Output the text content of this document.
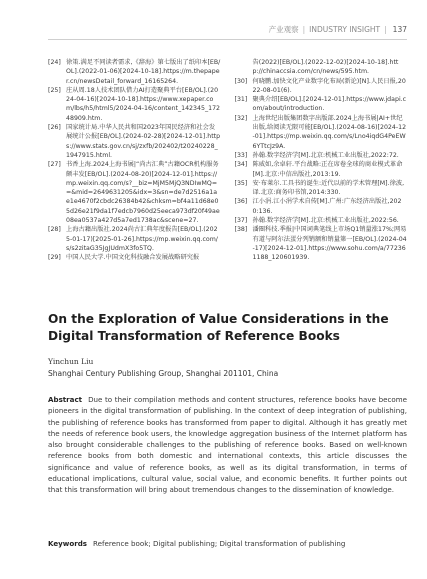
产业观察 | INDUSTRY INSIGHT | 137
[24] 徐策.满足不同读者需求,《辞海》第七版出了纸印本[EB/OL].(2022-01-06)[2024-10-18].https://m.thepaper.cn/newsDetail_forward_16165264.
[25] 庄从周.18人技术团队借力AI打造聚典平台[EB/OL].(2024-04-16)[2024-10-18].https://www.xepaper.com/lbs/h5/html5/2024-04-16/content_142345_17248909.htm.
[26] 国家统计局.中华人民共和国2023年国民经济和社会发展统计公报[EB/OL].(2024-02-28)[2024-12-01].https://www.stats.gov.cn/sj/zxfb/202402/t20240228_1947915.html.
[27] 书香上海.2024上海书展|“尚古汇典”古籍OCR机构服务颇丰发[EB/OL].(2024-08-20)[2024-12-01].https://mp.weixin.qq.com/s?__biz=MjM5MjQ3NDIwMQ==&mid=2649631205&idx=3&sn=de7d2516a1ae1e4670f2cbdc26384b42&chksm=bf4a11d68e05d26e21f9da1f7edcb7960d25eeca973df20f49ae08ea0537a427d5a7ed1738ac&scene=27.
[28] 上海古籍出版社.2024尚古汇典年度报告[EB/OL].(2025-01-17)[2025-01-26].https://mp.weixin.qq.com/s/s2zitaG35JgJUdmX3fo5TQ.
[29] 中国人民大学.中国文化科技融合发展战略研究报
告(2022)[EB/OL].(2022-12-02)[2024-10-18].http://chinaccsia.com/cn/news/595.htm.
[30] 何晓鹏.加快文化产业数字化布局(新论)[N].人民日报,2022-08-01(6).
[31] 聚典介绍[EB/OL].[2024-12-01].https://www.jdapi.com/about/introduction.
[32] 上海世纪出版集团数字出版部.2024上海书展|AI+世纪出版,给阅读无限可能[EB/OL].(2024-08-16)[2024-12-01].https://mp.weixin.qq.com/s/Lno4iqdG4PeEW6YTtcJz9A.
[33] 孙翰.数字经济学[M].北京:机械工业出版社,2022:72.
[34] 陈威如,余卓轩.平台战略:正在席卷全球的商业模式革命[M].北京:中信出版社,2013:19.
[35] 安·布莱尔.工具书的诞生:近代以前的学术管理[M].徐波,译.北京:商务印书馆,2014:330.
[36] 江小涓.江小涓学术自传[M].广州:广东经济出版社,2020:136.
[37] 孙翰.数字经济学[M].北京:机械工业出版社,2022:56.
[38] 潘圈科技.季报|中国词典笔线上市场Q1销量涨17%;网易有道与阿尔法蛋分列销额和销量第一[EB/OL].(2024-04-17)[2024-12-01].https://www.sohu.com/a/772361188_120601939.
On the Exploration of Value Considerations in the Digital Transformation of Reference Books
Yinchun Liu
Shanghai Century Publishing Group, Shanghai 201101, China
Abstract Due to their compilation methods and content structures, reference books have become pioneers in the digital transformation of publishing. In the context of deep integration of publishing, the publishing of reference books has transformed from paper to digital. Although it has greatly met the needs of reference book users, the knowledge aggregation business of the Internet platform has also brought considerable challenges to the publishing of reference books. Based on well-known reference books from both domestic and international contexts, this article discusses the significance and value of reference books, as well as its digital transformation, in terms of educational implications, cultural value, social value, and economic benefits. It further points out that this transformation will bring about tremendous changes to the dissemination of knowledge.
Keywords Reference book; Digital publishing; Digital transformation of publishing
